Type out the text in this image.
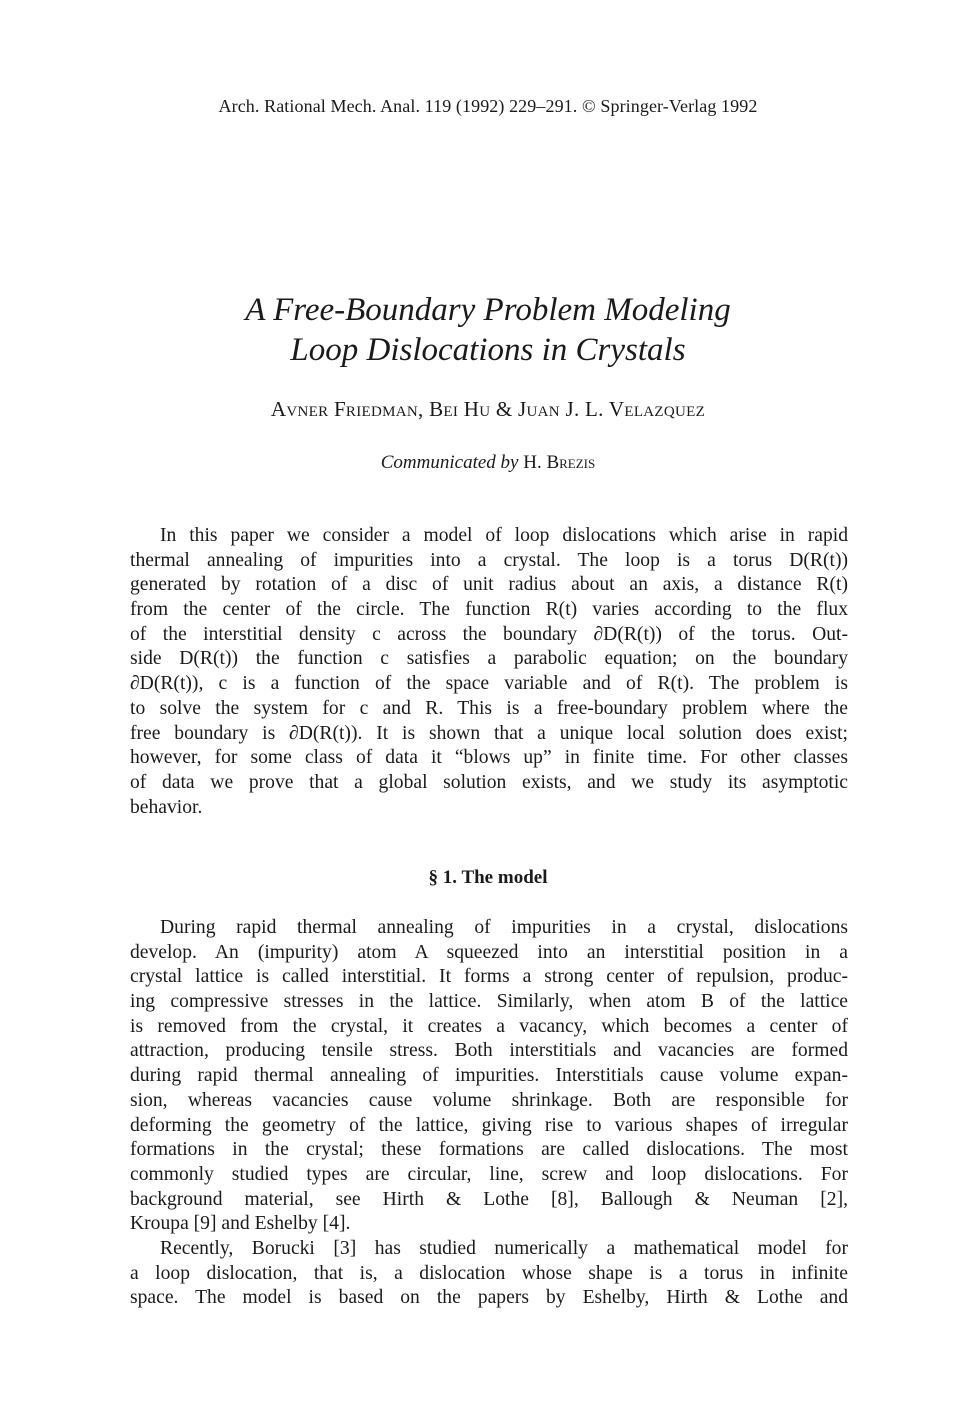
Arch. Rational Mech. Anal. 119 (1992) 229–291. © Springer-Verlag 1992
A Free-Boundary Problem Modeling
Loop Dislocations in Crystals
Avner Friedman, Bei Hu & Juan J. L. Velazquez
Communicated by H. Brezis
In this paper we consider a model of loop dislocations which arise in rapid
thermal annealing of impurities into a crystal. The loop is a torus D(R(t))
generated by rotation of a disc of unit radius about an axis, a distance R(t)
from the center of the circle. The function R(t) varies according to the flux
of the interstitial density c across the boundary ∂D(R(t)) of the torus. Out-
side D(R(t)) the function c satisfies a parabolic equation; on the boundary
∂D(R(t)), c is a function of the space variable and of R(t). The problem is
to solve the system for c and R. This is a free-boundary problem where the
free boundary is ∂D(R(t)). It is shown that a unique local solution does exist;
however, for some class of data it “blows up” in finite time. For other classes
of data we prove that a global solution exists, and we study its asymptotic
behavior.
§ 1. The model
During rapid thermal annealing of impurities in a crystal, dislocations
develop. An (impurity) atom A squeezed into an interstitial position in a
crystal lattice is called interstitial. It forms a strong center of repulsion, produc-
ing compressive stresses in the lattice. Similarly, when atom B of the lattice
is removed from the crystal, it creates a vacancy, which becomes a center of
attraction, producing tensile stress. Both interstitials and vacancies are formed
during rapid thermal annealing of impurities. Interstitials cause volume expan-
sion, whereas vacancies cause volume shrinkage. Both are responsible for
deforming the geometry of the lattice, giving rise to various shapes of irregular
formations in the crystal; these formations are called dislocations. The most
commonly studied types are circular, line, screw and loop dislocations. For
background material, see Hirth & Lothe [8], Ballough & Neuman [2],
Kroupa [9] and Eshelby [4].
Recently, Borucki [3] has studied numerically a mathematical model for
a loop dislocation, that is, a dislocation whose shape is a torus in infinite
space. The model is based on the papers by Eshelby, Hirth & Lothe and
